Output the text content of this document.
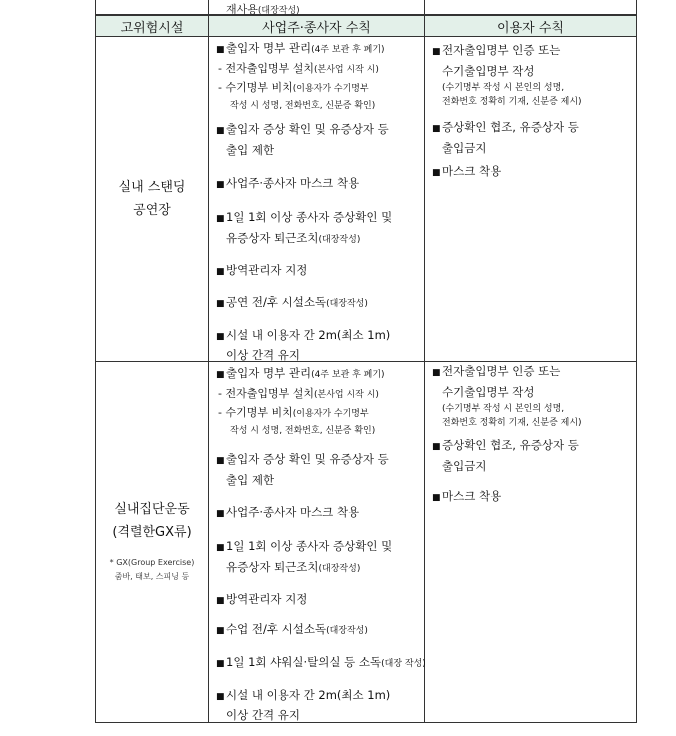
재사용(대장작성)
고위험시설	사업주·종사자 수칙	이용자 수칙
실내 스탠딩
공연장
■출입자 명부 관리(4주 보관 후 폐기)
- 전자출입명부 설치(본사업 시작 시)
- 수기명부 비치(이용자가 수기명부
작성 시 성명, 전화번호, 신분증 확인)
■출입자 증상 확인 및 유증상자 등
출입 제한
■사업주·종사자 마스크 착용
■1일 1회 이상 종사자 증상확인 및
유증상자 퇴근조치(대장작성)
■방역관리자 지정
■공연 전/후 시설소독(대장작성)
■시설 내 이용자 간 2m(최소 1m)
이상 간격 유지
■전자출입명부 인증 또는
수기출입명부 작성
(수기명부 작성 시 본인의 성명,
전화번호 정확히 기재, 신분증 제시)
■증상확인 협조, 유증상자 등
출입금지
■마스크 착용
실내집단운동
(격렬한GX류)
* GX(Group Exercise)
줌바, 태보, 스피닝 등
■출입자 명부 관리(4주 보관 후 폐기)
- 전자출입명부 설치(본사업 시작 시)
- 수기명부 비치(이용자가 수기명부
작성 시 성명, 전화번호, 신분증 확인)
■출입자 증상 확인 및 유증상자 등
출입 제한
■사업주·종사자 마스크 착용
■1일 1회 이상 종사자 증상확인 및
유증상자 퇴근조치(대장작성)
■방역관리자 지정
■수업 전/후 시설소독(대장작성)
■1일 1회 샤워실·탈의실 등 소독(대장 작성)
■시설 내 이용자 간 2m(최소 1m)
이상 간격 유지
■전자출입명부 인증 또는
수기출입명부 작성
(수기명부 작성 시 본인의 성명,
전화번호 정확히 기재, 신분증 제시)
■증상확인 협조, 유증상자 등
출입금지
■마스크 착용
